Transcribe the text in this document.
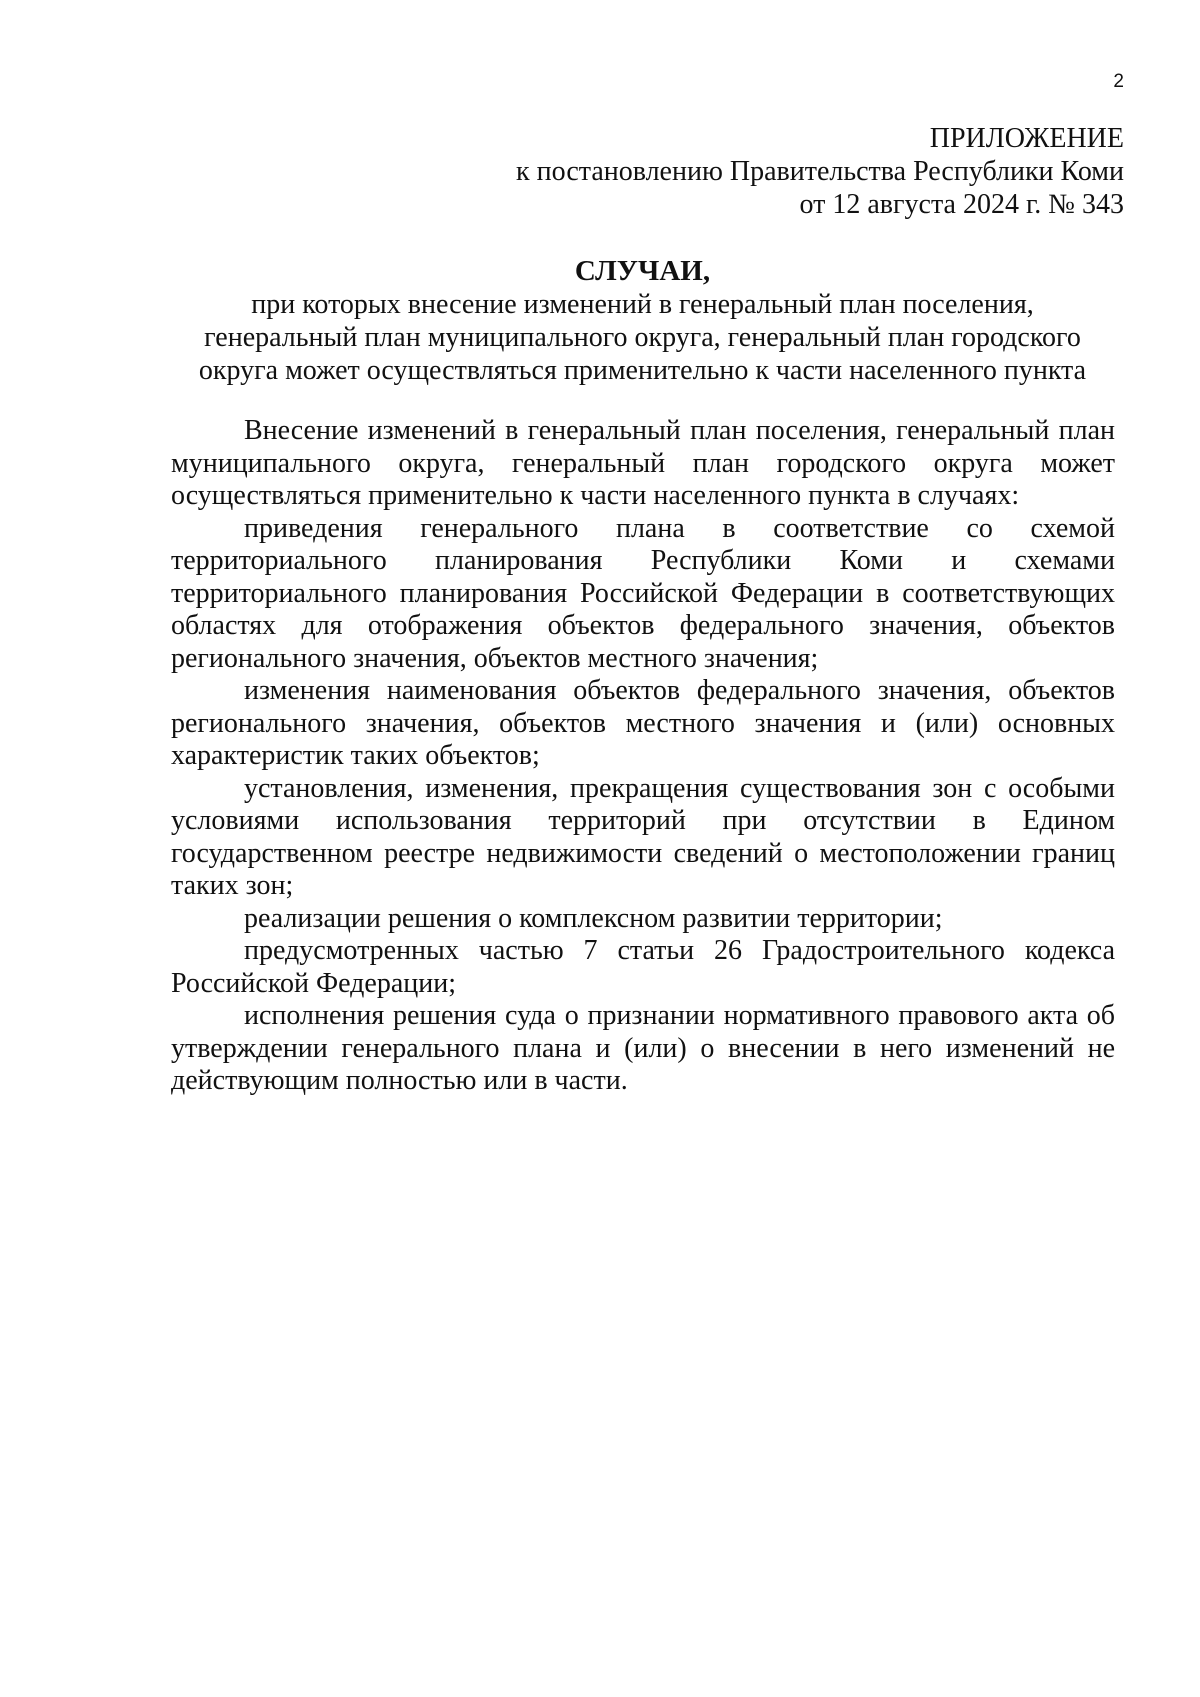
2
ПРИЛОЖЕНИЕ
к постановлению Правительства Республики Коми
от 12 августа 2024 г. № 343
СЛУЧАИ,
при которых внесение изменений в генеральный план поселения,
генеральный план муниципального округа, генеральный план городского
округа может осуществляться применительно к части населенного пункта

Внесение изменений в генеральный план поселения, генеральный план муниципального округа, генеральный план городского округа может осуществляться применительно к части населенного пункта в случаях:

приведения генерального плана в соответствие со схемой территориального планирования Республики Коми и схемами территориального планирования Российской Федерации в соответствующих областях для отображения объектов федерального значения, объектов регионального значения, объектов местного значения;

изменения наименования объектов федерального значения, объектов регионального значения, объектов местного значения и (или) основных характеристик таких объектов;

установления, изменения, прекращения существования зон с особыми условиями использования территорий при отсутствии в Едином государственном реестре недвижимости сведений о местоположении границ таких зон;

реализации решения о комплексном развитии территории;

предусмотренных частью 7 статьи 26 Градостроительного кодекса Российской Федерации;

исполнения решения суда о признании нормативного правового акта об утверждении генерального плана и (или) о внесении в него изменений не действующим полностью или в части.
